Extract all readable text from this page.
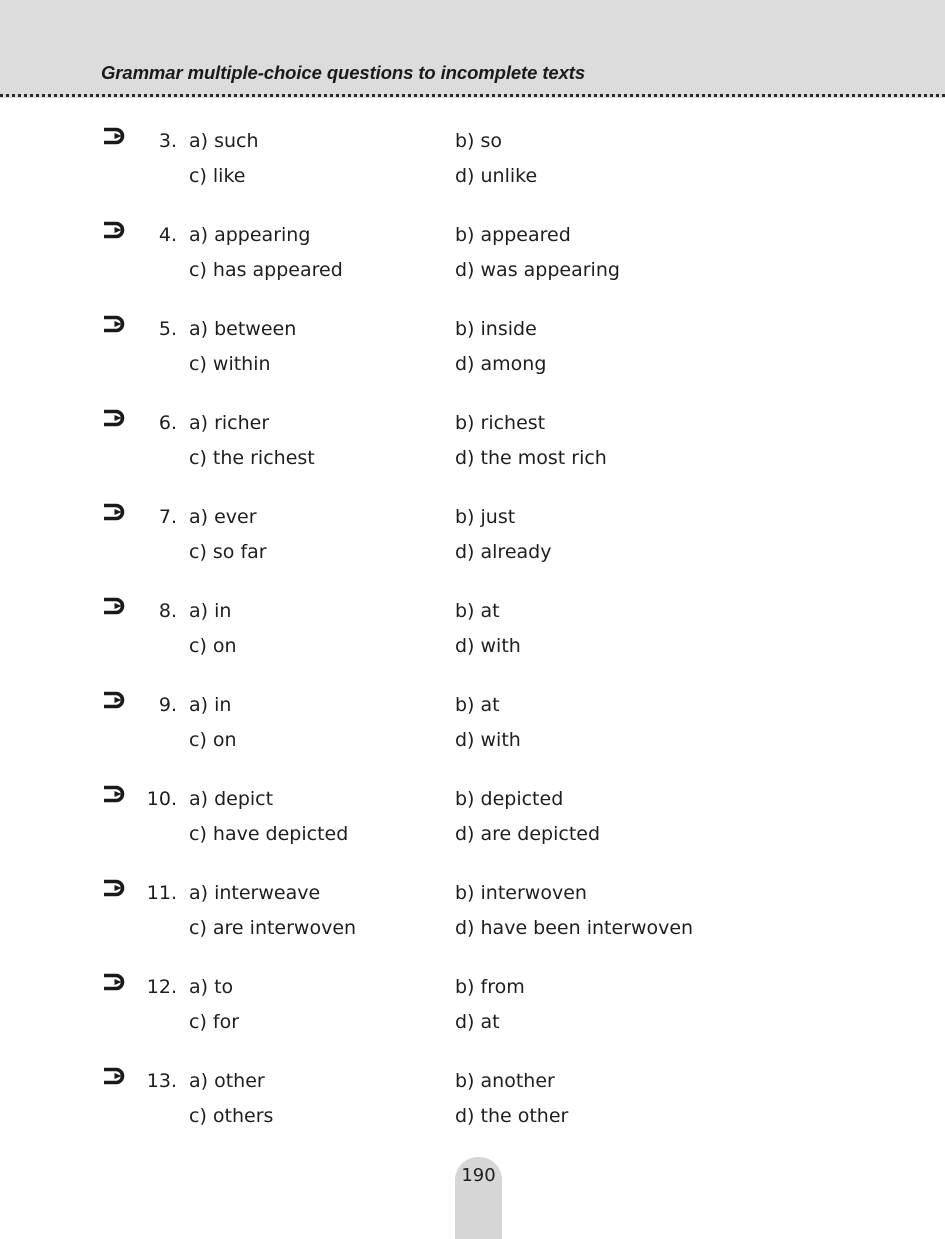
Grammar multiple-choice questions to incomplete texts
3. a) such	b) so
c) like	d) unlike
4. a) appearing	b) appeared
c) has appeared	d) was appearing
5. a) between	b) inside
c) within	d) among
6. a) richer	b) richest
c) the richest	d) the most rich
7. a) ever	b) just
c) so far	d) already
8. a) in	b) at
c) on	d) with
9. a) in	b) at
c) on	d) with
10. a) depict	b) depicted
c) have depicted	d) are depicted
11. a) interweave	b) interwoven
c) are interwoven	d) have been interwoven
12. a) to	b) from
c) for	d) at
13. a) other	b) another
c) others	d) the other
190
